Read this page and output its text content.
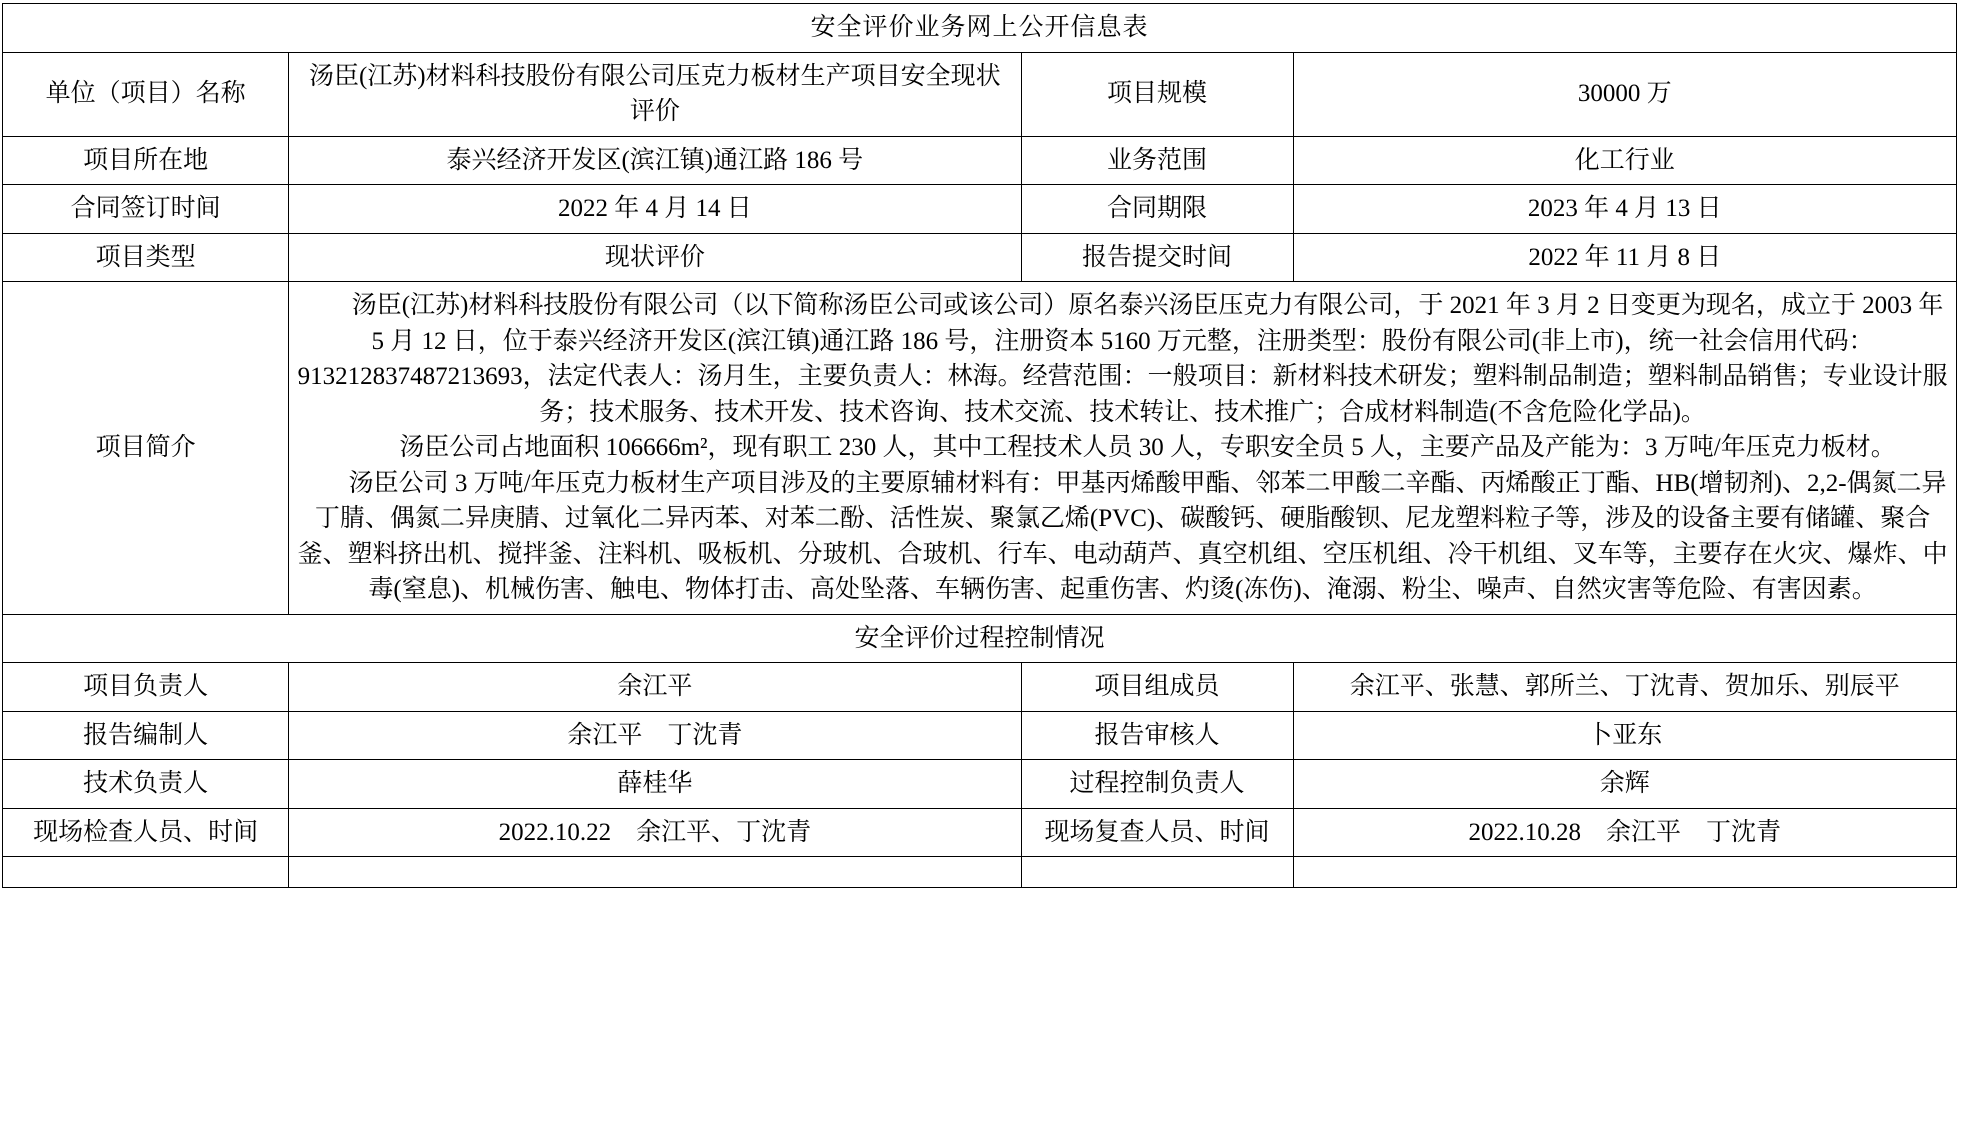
安全评价业务网上公开信息表			
单位（项目）名称	汤臣(江苏)材料科技股份有限公司压克力板材生产项目安全现状评价	项目规模	30000 万
项目所在地	泰兴经济开发区(滨江镇)通江路 186 号	业务范围	化工行业
合同签订时间	2022 年 4 月 14 日	合同期限	2023 年 4 月 13 日
项目类型	现状评价	报告提交时间	2022 年 11 月 8 日
项目简介	汤臣(江苏)材料科技股份有限公司（以下简称汤臣公司或该公司）原名泰兴汤臣压克力有限公司，于 2021 年 3 月 2 日变更为现名，成立于 2003 年 5 月 12 日，位于泰兴经济开发区(滨江镇)通江路 186 号，注册资本 5160 万元整，注册类型：股份有限公司(非上市)，统一社会信用代码：913212837487213693，法定代表人：汤月生，主要负责人：林海。经营范围：一般项目：新材料技术研发；塑料制品制造；塑料制品销售；专业设计服务；技术服务、技术开发、技术咨询、技术交流、技术转让、技术推广；合成材料制造(不含危险化学品)。

汤臣公司占地面积 106666m²，现有职工 230 人，其中工程技术人员 30 人，专职安全员 5 人，主要产品及产能为：3 万吨/年压克力板材。

汤臣公司 3 万吨/年压克力板材生产项目涉及的主要原辅材料有：甲基丙烯酸甲酯、邻苯二甲酸二辛酯、丙烯酸正丁酯、HB(增韧剂)、2,2-偶氮二异丁腈、偶氮二异庚腈、过氧化二异丙苯、对苯二酚、活性炭、聚氯乙烯(PVC)、碳酸钙、硬脂酸钡、尼龙塑料粒子等，涉及的设备主要有储罐、聚合釜、塑料挤出机、搅拌釜、注料机、吸板机、分玻机、合玻机、行车、电动葫芦、真空机组、空压机组、冷干机组、叉车等，主要存在火灾、爆炸、中毒(窒息)、机械伤害、触电、物体打击、高处坠落、车辆伤害、起重伤害、灼烫(冻伤)、淹溺、粉尘、噪声、自然灾害等危险、有害因素。		

安全评价过程控制情况			
项目负责人	余江平	项目组成员	余江平、张慧、郭所兰、丁沈青、贺加乐、别辰平
报告编制人	余江平　丁沈青	报告审核人	卜亚东
技术负责人	薛桂华	过程控制负责人	余辉
现场检查人员、时间	2022.10.22　余江平、丁沈青	现场复查人员、时间	2022.10.28　余江平　丁沈青
